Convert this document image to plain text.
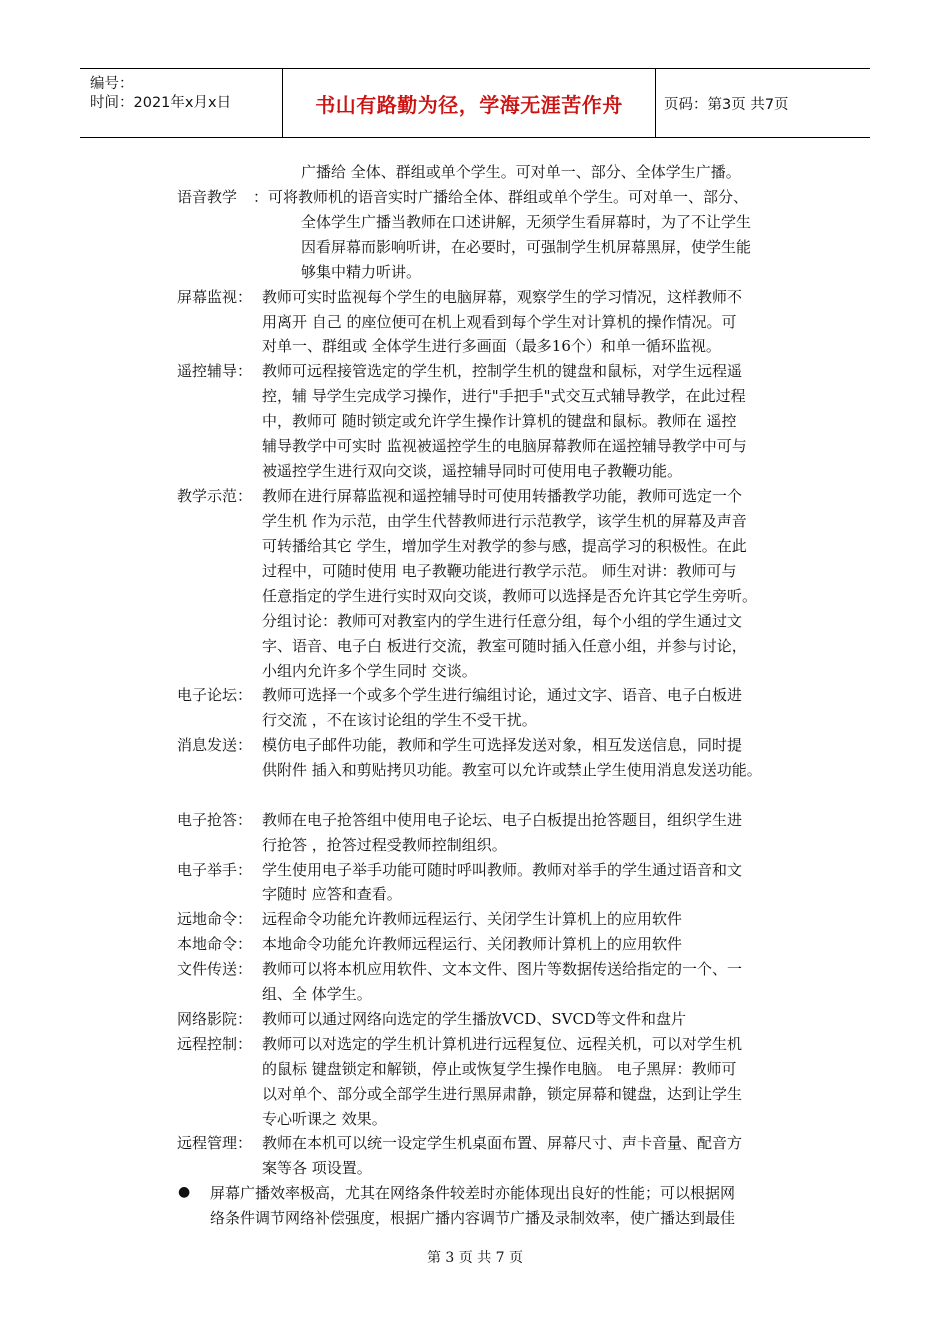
编号：
时间：2021年x月x日	书山有路勤为径，学海无涯苦作舟	页码：第3页 共7页
语音教学
屏幕监视：
遥控辅导：
教学示范：
电子论坛：
消息发送：
电子抢答：
电子举手：
远地命令：
本地命令：
文件传送：
网络影院：
远程控制：
远程管理：
广播给 全体、群组或单个学生。可对单一、部分、全体学生广播。
：可将教师机的语音实时广播给全体、群组或单个学生。可对单一、部分、
全体学生广播当教师在口述讲解，无须学生看屏幕时，为了不让学生
因看屏幕而影响听讲，在必要时，可强制学生机屏幕黑屏，使学生能
够集中精力听讲。
教师可实时监视每个学生的电脑屏幕，观察学生的学习情况，这样教师不
用离开 自己 的座位便可在机上观看到每个学生对计算机的操作情况。可
对单一、群组或 全体学生进行多画面（最多16个）和单一循环监视。
教师可远程接管选定的学生机，控制学生机的键盘和鼠标，对学生远程遥
控，辅 导学生完成学习操作，进行"手把手"式交互式辅导教学，在此过程
中，教师可 随时锁定或允许学生操作计算机的键盘和鼠标。教师在 遥控
辅导教学中可实时 监视被遥控学生的电脑屏幕教师在遥控辅导教学中可与
被遥控学生进行双向交谈，遥控辅导同时可使用电子教鞭功能。
教师在进行屏幕监视和遥控辅导时可使用转播教学功能，教师可选定一个
学生机 作为示范，由学生代替教师进行示范教学，该学生机的屏幕及声音
可转播给其它 学生，增加学生对教学的参与感，提高学习的积极性。在此
过程中，可随时使用 电子教鞭功能进行教学示范。 师生对讲：教师可与
任意指定的学生进行实时双向交谈，教师可以选择是否允许其它学生旁听。
分组讨论：教师可对教室内的学生进行任意分组，每个小组的学生通过文
字、语音、电子白 板进行交流，教室可随时插入任意小组，并参与讨论，
小组内允许多个学生同时 交谈。
教师可选择一个或多个学生进行编组讨论，通过文字、语音、电子白板进
行交流 ，不在该讨论组的学生不受干扰。
模仿电子邮件功能，教师和学生可选择发送对象，相互发送信息，同时提
供附件 插入和剪贴拷贝功能。教室可以允许或禁止学生使用消息发送功能。
教师在电子抢答组中使用电子论坛、电子白板提出抢答题目，组织学生进
行抢答 ，抢答过程受教师控制组织。
学生使用电子举手功能可随时呼叫教师。教师对举手的学生通过语音和文
字随时 应答和查看。
远程命令功能允许教师远程运行、关闭学生计算机上的应用软件
本地命令功能允许教师远程运行、关闭教师计算机上的应用软件
教师可以将本机应用软件、文本文件、图片等数据传送给指定的一个、一
组、全 体学生。
教师可以通过网络向选定的学生播放VCD、SVCD等文件和盘片
教师可以对选定的学生机计算机进行远程复位、远程关机，可以对学生机
的鼠标 键盘锁定和解锁，停止或恢复学生操作电脑。 电子黑屏：教师可
以对单个、部分或全部学生进行黑屏肃静，锁定屏幕和键盘，达到让学生
专心听课之 效果。
教师在本机可以统一设定学生机桌面布置、屏幕尺寸、声卡音量、配音方
案等各 项设置。
● 屏幕广播效率极高，尤其在网络条件较差时亦能体现出良好的性能；可以根据网
络条件调节网络补偿强度，根据广播内容调节广播及录制效率，使广播达到最佳
第 3 页 共 7 页
